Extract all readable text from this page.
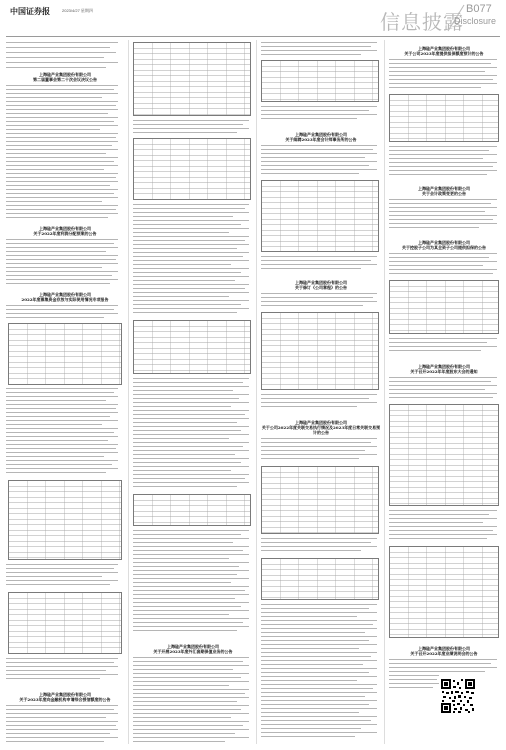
中国证券报	2023/4/27 星期四	信息披露
B077
Disclosure
上海硅产业集团股份有限公司
第二届董事会第二十次会议决议公告
上海硅产业集团股份有限公司
关于2022年度利润分配预案的公告
上海硅产业集团股份有限公司
2022年度募集资金存放与实际使用情况专项报告
上海硅产业集团股份有限公司
关于2023年度向金融机构申请综合授信额度的公告
上海硅产业集团股份有限公司
关于开展2023年度外汇套期保值业务的公告
上海硅产业集团股份有限公司
关于续聘2023年度会计师事务所的公告
上海硅产业集团股份有限公司
关于修订《公司章程》的公告
上海硅产业集团股份有限公司
关于公司2022年度关联交易执行情况及2023年度日常关联交易预计的公告
上海硅产业集团股份有限公司
关于公司2023年度提供担保额度预计的公告
上海硅产业集团股份有限公司
关于会计政策变更的公告
上海硅产业集团股份有限公司
关于控股子公司为其全资子公司提供担保的公告
上海硅产业集团股份有限公司
关于召开2022年年度股东大会的通知
上海硅产业集团股份有限公司
关于召开2022年度业绩说明会的公告
